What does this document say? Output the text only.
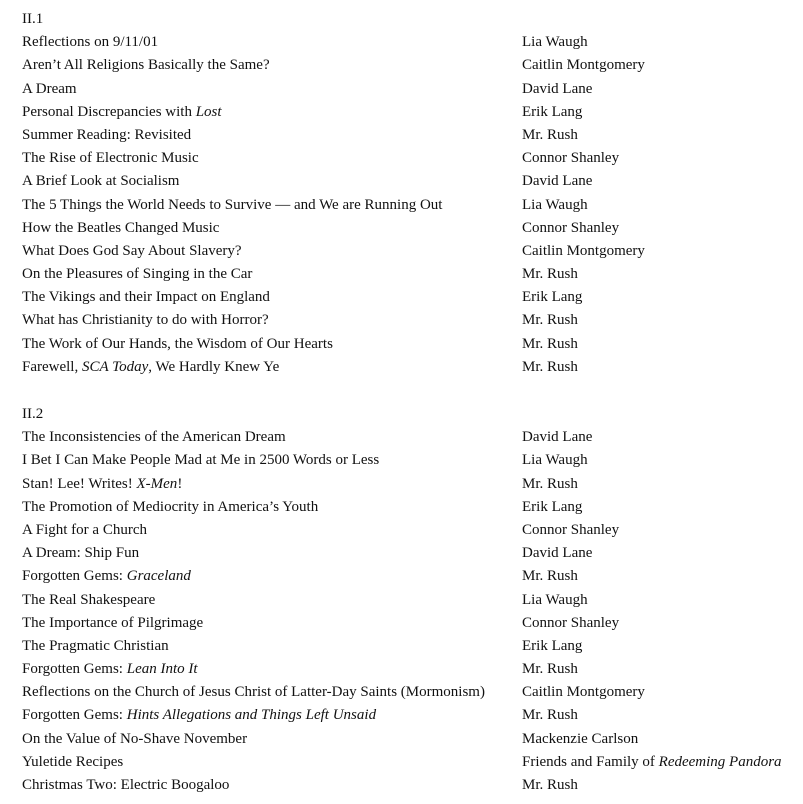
II.1
Reflections on 9/11/01	Lia Waugh
Aren’t All Religions Basically the Same?	Caitlin Montgomery
A Dream	David Lane
Personal Discrepancies with Lost	Erik Lang
Summer Reading: Revisited	Mr. Rush
The Rise of Electronic Music	Connor Shanley
A Brief Look at Socialism	David Lane
The 5 Things the World Needs to Survive — and We are Running Out	Lia Waugh
How the Beatles Changed Music	Connor Shanley
What Does God Say About Slavery?	Caitlin Montgomery
On the Pleasures of Singing in the Car	Mr. Rush
The Vikings and their Impact on England	Erik Lang
What has Christianity to do with Horror?	Mr. Rush
The Work of Our Hands, the Wisdom of Our Hearts	Mr. Rush
Farewell, SCA Today, We Hardly Knew Ye	Mr. Rush
II.2
The Inconsistencies of the American Dream	David Lane
I Bet I Can Make People Mad at Me in 2500 Words or Less	Lia Waugh
Stan! Lee! Writes! X-Men!	Mr. Rush
The Promotion of Mediocrity in America’s Youth	Erik Lang
A Fight for a Church	Connor Shanley
A Dream: Ship Fun	David Lane
Forgotten Gems: Graceland	Mr. Rush
The Real Shakespeare	Lia Waugh
The Importance of Pilgrimage	Connor Shanley
The Pragmatic Christian	Erik Lang
Forgotten Gems: Lean Into It	Mr. Rush
Reflections on the Church of Jesus Christ of Latter-Day Saints (Mormonism) Caitlin Montgomery
Forgotten Gems: Hints Allegations and Things Left Unsaid	Mr. Rush
On the Value of No-Shave November	Mackenzie Carlson
Yuletide Recipes	Friends and Family of Redeeming Pandora
Christmas Two: Electric Boogaloo	Mr. Rush
